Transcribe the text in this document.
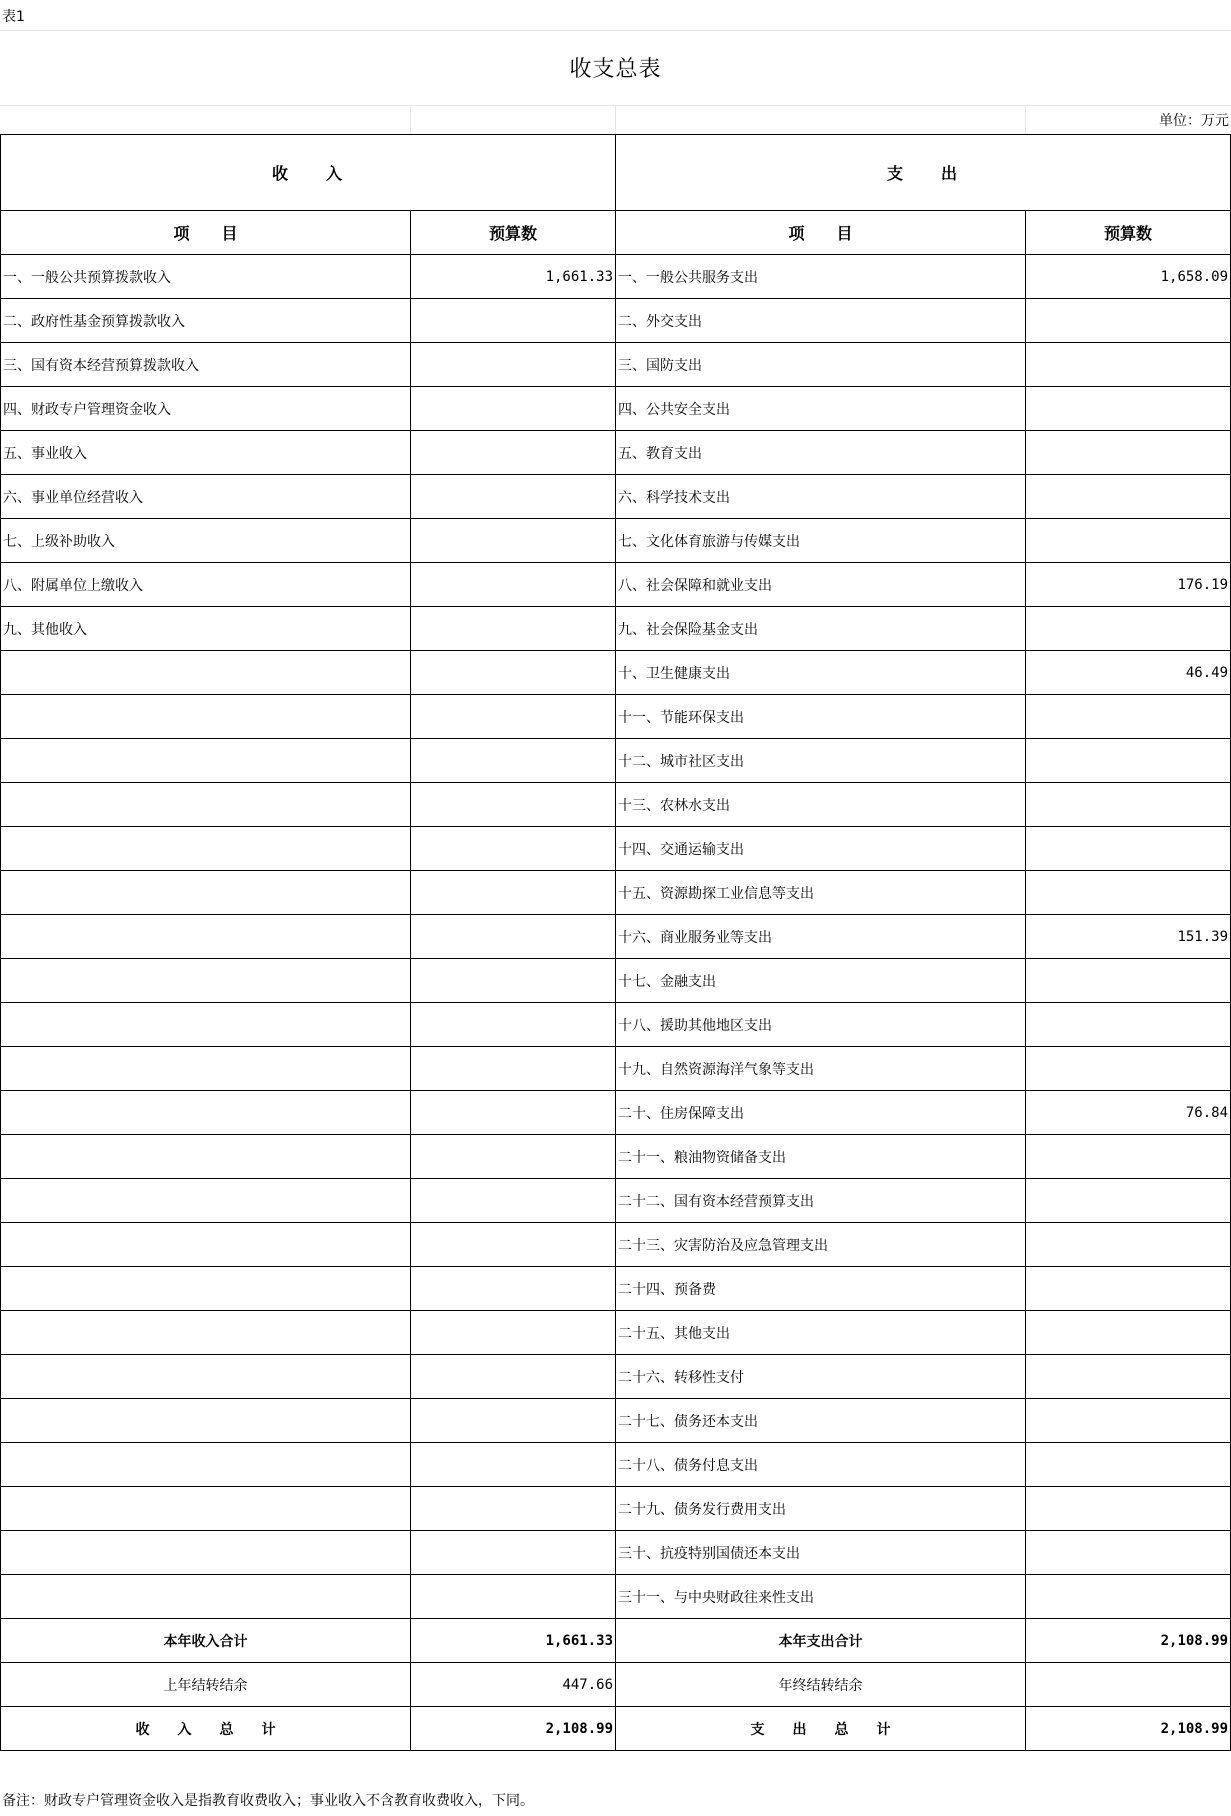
表1
收支总表
单位：万元
收　　入		支　　出	
项　　目	预算数	项　　目	预算数
一、一般公共预算拨款收入	1,661.33	一、一般公共服务支出	1,658.09
二、政府性基金预算拨款收入		二、外交支出	
三、国有资本经营预算拨款收入		三、国防支出	
四、财政专户管理资金收入		四、公共安全支出	
五、事业收入		五、教育支出	
六、事业单位经营收入		六、科学技术支出	
七、上级补助收入		七、文化体育旅游与传媒支出	
八、附属单位上缴收入		八、社会保障和就业支出	176.19
九、其他收入		九、社会保险基金支出	
		十、卫生健康支出	46.49
		十一、节能环保支出	
		十二、城市社区支出	
		十三、农林水支出	
		十四、交通运输支出	
		十五、资源勘探工业信息等支出	
		十六、商业服务业等支出	151.39
		十七、金融支出	
		十八、援助其他地区支出	
		十九、自然资源海洋气象等支出	
		二十、住房保障支出	76.84
		二十一、粮油物资储备支出	
		二十二、国有资本经营预算支出	
		二十三、灾害防治及应急管理支出	
		二十四、预备费	
		二十五、其他支出	
		二十六、转移性支付	
		二十七、债务还本支出	
		二十八、债务付息支出	
		二十九、债务发行费用支出	
		三十、抗疫特别国债还本支出	
		三十一、与中央财政往来性支出	
本年收入合计	1,661.33	本年支出合计	2,108.99
上年结转结余	447.66	年终结转结余	
收　　入　　总　　计	2,108.99	支　　出　　总　　计	2,108.99
备注：财政专户管理资金收入是指教育收费收入；事业收入不含教育收费收入，下同。
